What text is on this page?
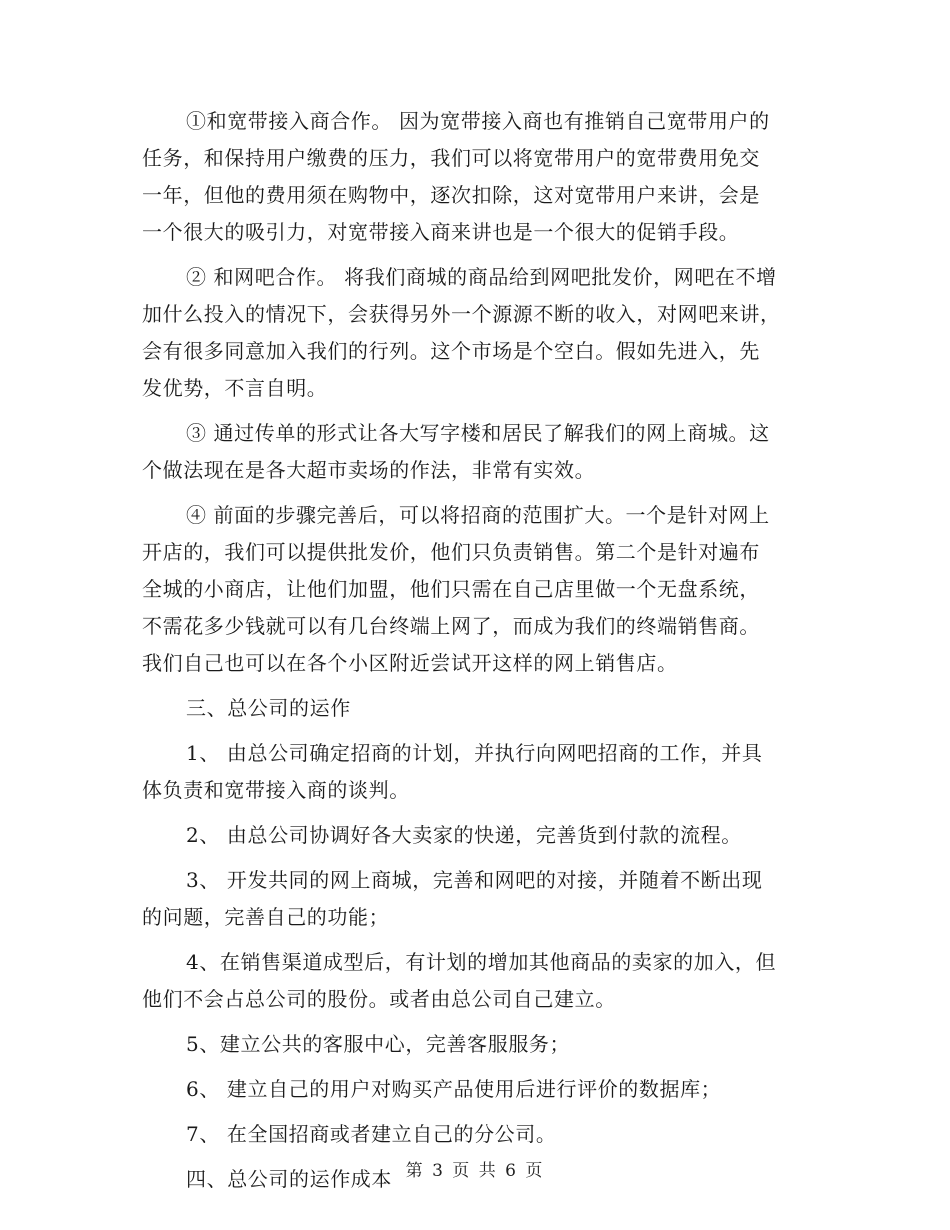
①和宽带接入商合作。 因为宽带接入商也有推销自己宽带用户的
任务，和保持用户缴费的压力，我们可以将宽带用户的宽带费用免交
一年，但他的费用须在购物中，逐次扣除，这对宽带用户来讲，会是
一个很大的吸引力，对宽带接入商来讲也是一个很大的促销手段。
② 和网吧合作。 将我们商城的商品给到网吧批发价，网吧在不增
加什么投入的情况下，会获得另外一个源源不断的收入，对网吧来讲，
会有很多同意加入我们的行列。这个市场是个空白。假如先进入，先
发优势，不言自明。
③ 通过传单的形式让各大写字楼和居民了解我们的网上商城。这
个做法现在是各大超市卖场的作法，非常有实效。
④ 前面的步骤完善后，可以将招商的范围扩大。一个是针对网上
开店的，我们可以提供批发价，他们只负责销售。第二个是针对遍布
全城的小商店，让他们加盟，他们只需在自己店里做一个无盘系统，
不需花多少钱就可以有几台终端上网了，而成为我们的终端销售商。
我们自己也可以在各个小区附近尝试开这样的网上销售店。
三、总公司的运作
1、 由总公司确定招商的计划，并执行向网吧招商的工作，并具
体负责和宽带接入商的谈判。
2、 由总公司协调好各大卖家的快递，完善货到付款的流程。
3、 开发共同的网上商城，完善和网吧的对接，并随着不断出现
的问题，完善自己的功能；
4、在销售渠道成型后，有计划的增加其他商品的卖家的加入，但
他们不会占总公司的股份。或者由总公司自己建立。
5、建立公共的客服中心，完善客服服务；
6、 建立自己的用户对购买产品使用后进行评价的数据库；
7、 在全国招商或者建立自己的分公司。
四、总公司的运作成本 第 3 页 共 6 页
